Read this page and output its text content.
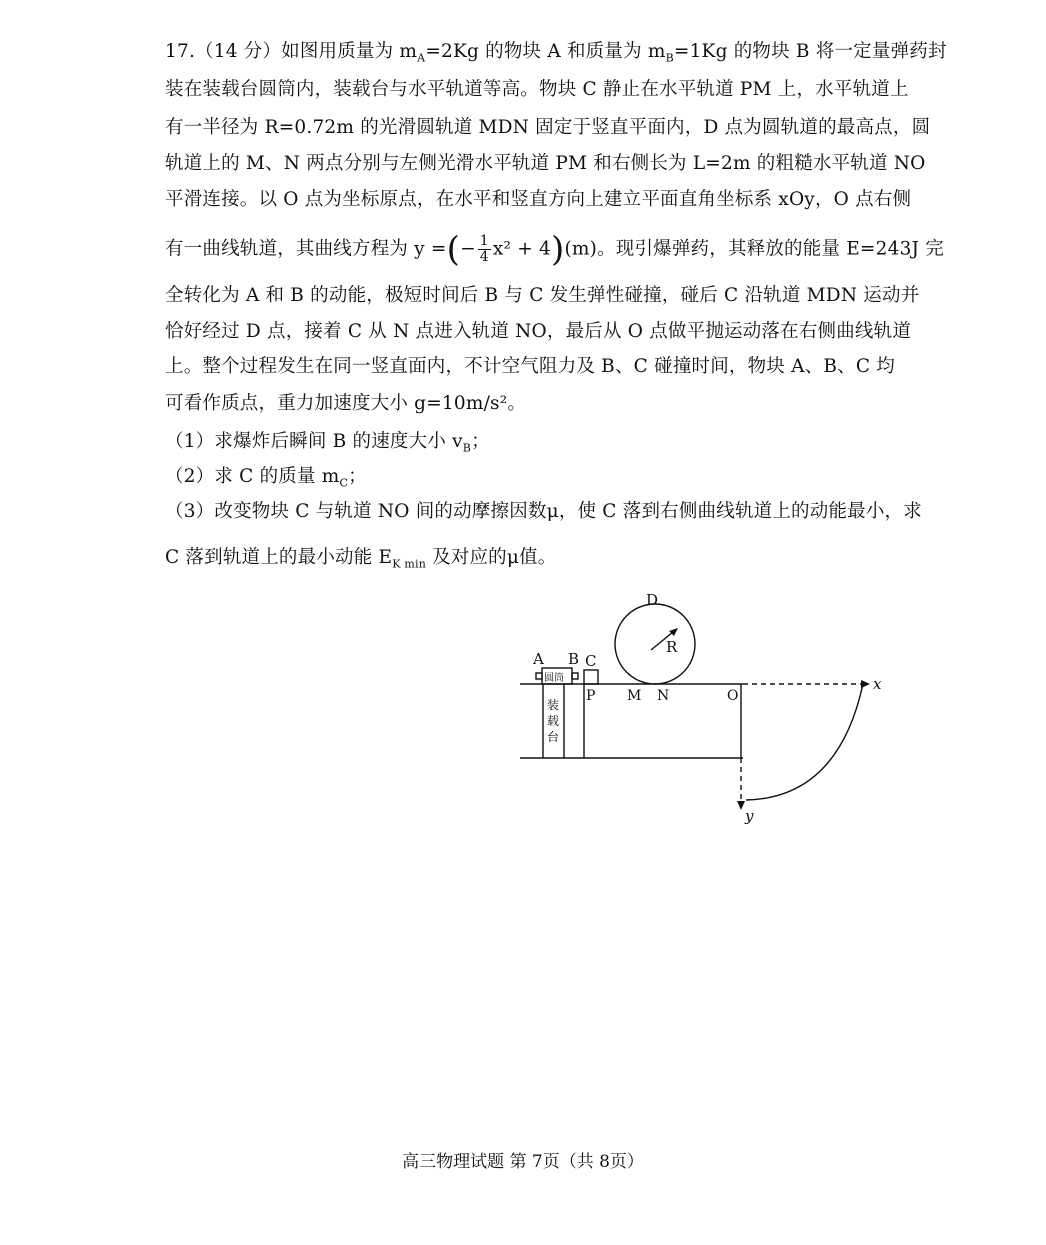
17.（14 分）如图用质量为 $m_A=2Kg$ 的物块 A 和质量为 $m_B=1Kg$ 的物块 B 将一定量弹药封
装在装载台圆筒内，装载台与水平轨道等高。物块 C 静止在水平轨道 PM 上，水平轨道上
有一半径为 R=0.72m 的光滑圆轨道 MDN 固定于竖直平面内，D 点为圆轨道的最高点，圆
轨道上的 M、N 两点分别与左侧光滑水平轨道 PM 和右侧长为 L=2m 的粗糙水平轨道 NO
平滑连接。以 O 点为坐标原点，在水平和竖直方向上建立平面直角坐标系 xOy，O 点右侧
有一曲线轨道，其曲线方程为 y =(− $\frac{1}{4} x^2 + 4)(m)$。现引爆弹药，其释放的能量 E=243J 完
全转化为 A 和 B 的动能，极短时间后 B 与 C 发生弹性碰撞，碰后 C 沿轨道 MDN 运动并
恰好经过 D 点，接着 C 从 N 点进入轨道 NO，最后从 O 点做平抛运动落在右侧曲线轨道
上。整个过程发生在同一竖直面内，不计空气阻力及 B、C 碰撞时间，物块 A、B、C 均
可看作质点，重力加速度大小 g=10m/s²。
（1）求爆炸后瞬间 B 的速度大小 $v_B$；
（2）求 C 的质量 $m_C$；
（3）改变物块 C 与轨道 NO 间的动摩擦因数μ，使 C 落到右侧曲线轨道上的动能最小，求
C 落到轨道上的最小动能 $E_{K min}$ 及对应的μ值。
D
R
A B C
圆筒
P M N	O
x
y
装
载
台
高三物理试题 第 7页（共 8页）
